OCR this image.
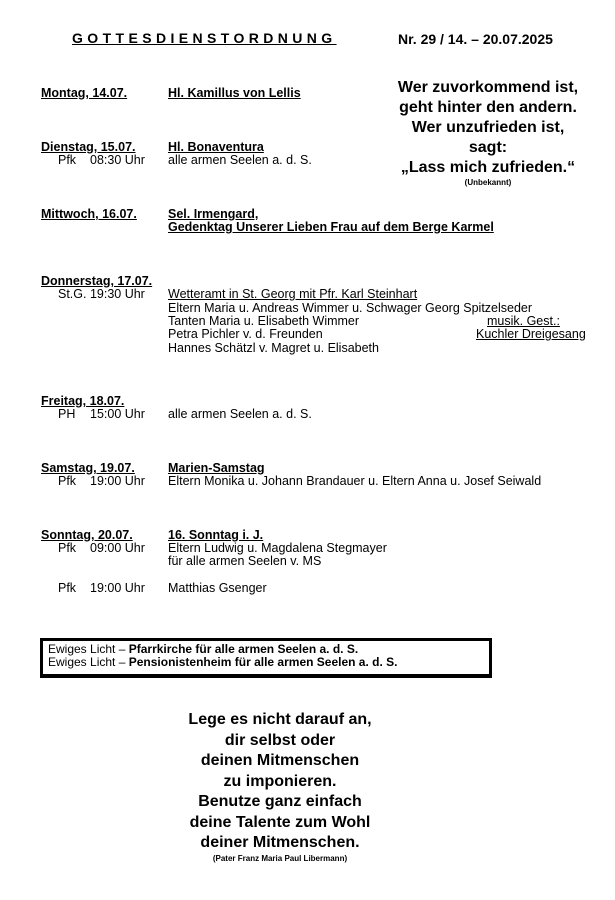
GOTTESDIENSTORDNUNG	Nr. 29 / 14. – 20.07.2025
Wer zuvorkommend ist,
geht hinter den andern.
Wer unzufrieden ist,
sagt:
„Lass mich zufrieden.“
(Unbekannt)
Montag, 14.07.	Hl. Kamillus von Lellis
Dienstag, 15.07.	Hl. Bonaventura
Pfk 08:30 Uhr alle armen Seelen a. d. S.
Mittwoch, 16.07. Sel. Irmengard,
Gedenktag Unserer Lieben Frau auf dem Berge Karmel
Donnerstag, 17.07.
St.G. 19:30 Uhr Wetteramt in St. Georg mit Pfr. Karl Steinhart
Eltern Maria u. Andreas Wimmer u. Schwager Georg Spitzelseder
Tanten Maria u. Elisabeth Wimmer
Petra Pichler v. d. Freunden
Hannes Schätzl v. Magret u. Elisabeth
musik. Gest.:
Kuchler Dreigesang
Freitag, 18.07.
PH 15:00 Uhr alle armen Seelen a. d. S.
Samstag, 19.07.	Marien-Samstag
Pfk 19:00 Uhr Eltern Monika u. Johann Brandauer u. Eltern Anna u. Josef Seiwald
Sonntag, 20.07.	16. Sonntag i. J.
Pfk 09:00 Uhr Eltern Ludwig u. Magdalena Stegmayer
für alle armen Seelen v. MS
Pfk 19:00 Uhr Matthias Gsenger
Ewiges Licht – Pfarrkirche für alle armen Seelen a. d. S.
Ewiges Licht – Pensionistenheim für alle armen Seelen a. d. S.
Lege es nicht darauf an,
dir selbst oder
deinen Mitmenschen
zu imponieren.
Benutze ganz einfach
deine Talente zum Wohl
deiner Mitmenschen.
(Pater Franz Maria Paul Libermann)
